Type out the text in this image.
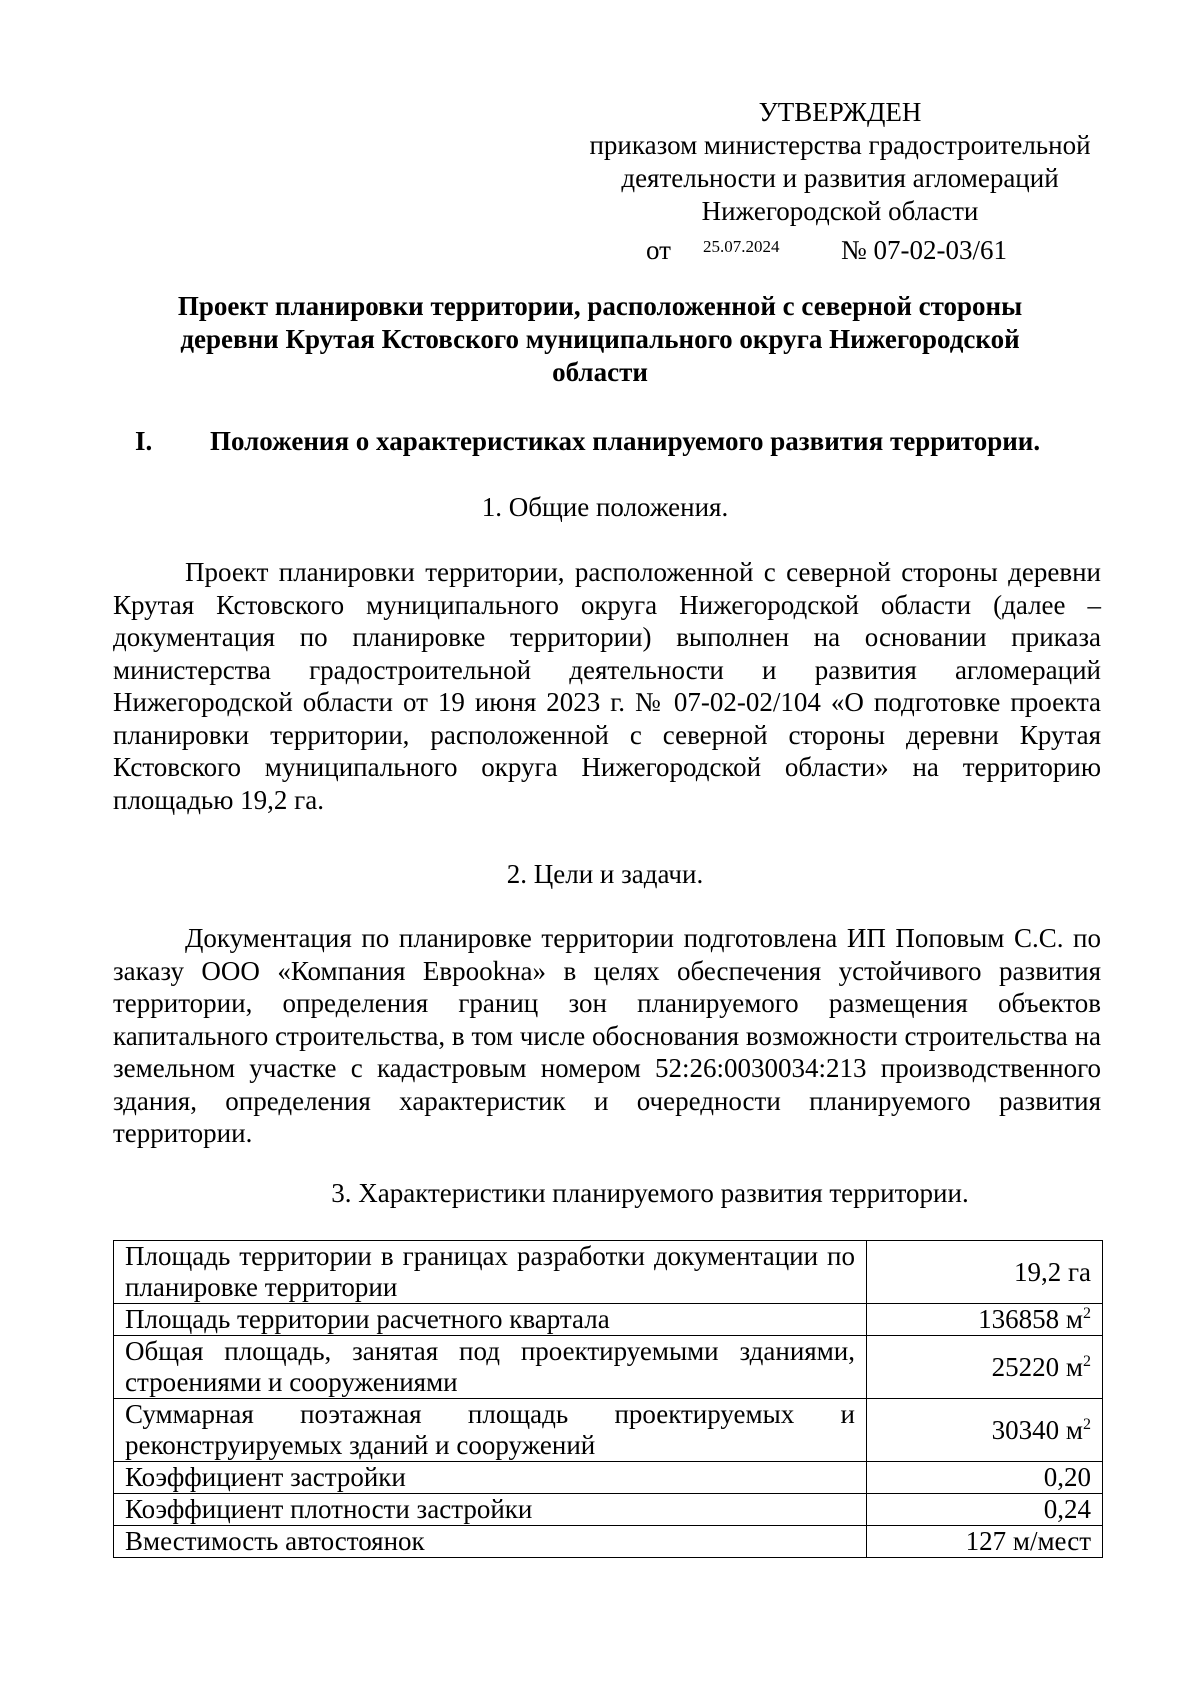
УТВЕРЖДЕН
приказом министерства градостроительной
деятельности и развития агломераций
Нижегородской области
от 25.07.2024 № 07-02-03/61
Проект планировки территории, расположенной с северной стороны деревни Крутая Кстовского муниципального округа Нижегородской области
I. Положения о характеристиках планируемого развития территории.
1. Общие положения.
Проект планировки территории, расположенной с северной стороны деревни Крутая Кстовского муниципального округа Нижегородской области (далее – документация по планировке территории) выполнен на основании приказа министерства градостроительной деятельности и развития агломераций Нижегородской области от 19 июня 2023 г. № 07-02-02/104 «О подготовке проекта планировки территории, расположенной с северной стороны деревни Крутая Кстовского муниципального округа Нижегородской области» на территорию площадью 19,2 га.
2. Цели и задачи.
Документация по планировке территории подготовлена ИП Поповым С.С. по заказу ООО «Компания Еврookна» в целях обеспечения устойчивого развития территории, определения границ зон планируемого размещения объектов капитального строительства, в том числе обоснования возможности строительства на земельном участке с кадастровым номером 52:26:0030034:213 производственного здания, определения характеристик и очередности планируемого развития территории.
3. Характеристики планируемого развития территории.
Площадь территории в границах разработки документации по планировке территории	19,2 га
Площадь территории расчетного квартала	136858 $м^2$
Общая площадь, занятая под проектируемыми зданиями, строениями и сооружениями	25220 $м^2$
Суммарная поэтажная площадь проектируемых и реконструируемых зданий и сооружений	30340 $м^2$
Коэффициент застройки	0,20
Коэффициент плотности застройки	0,24
Вместимость автостоянок	127 м/мест
